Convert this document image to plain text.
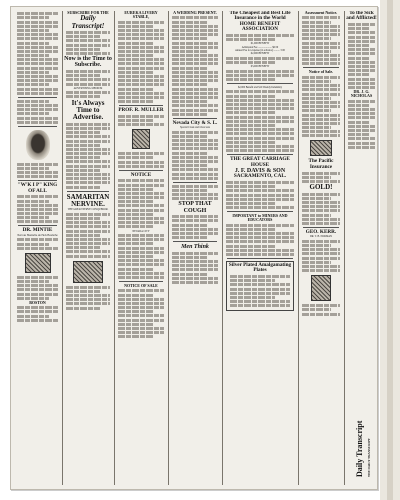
"W'K I P" KING OF ALL
DR. MINTIE
Nervous Headache and Sick Headache
BOSTON
SUBSCRIBE FOR THE
Daily Transcript!
Now is the Time to Subscribe.
ADVERTISING MEDIUM
It's Always Time to Advertise.
SAMARITAN NERVINE.
THE GREAT NERVE CONQUEROR.
EUREKA LIVERY STABLE,
PROF. R. MULLER
NOTICE
NEVADA CITY
NOTICE OF SALE
A WEDDING PRESENT.
Nevada City & S. L.
Special Cloak and Overcoats
STOP THAT COUGH
Men Think
The Cheapest and Best Life Insurance in the World
HOME BENEFIT ASSOCIATION
$1,000 BENEFIT
Admission Fee ..................... $6 00
Annual Fee for expense (in advance) ......... 3 00
$2,000 BENEFIT
$3,000 BENEFIT
$2,000 Benefit and $10 Weekly Indemnity
THE GREAT CARRIAGE HOUSE
J. F. DAVIS & SON
SACRAMENTO, CAL.
IMPORTANT to MINERS AND EDUCATORS
Silver Plated Amalgamating Plates
Assessment Notice.
Notice of Sale.
The Pacific Insurance
GOLD!
GEO. KERR.
DR. T. B. NORMAN
To the Sick and Afflicted!
DR. J. G. NICHOLAS
Daily Transcript THE DAILY TRANSCRIPT
